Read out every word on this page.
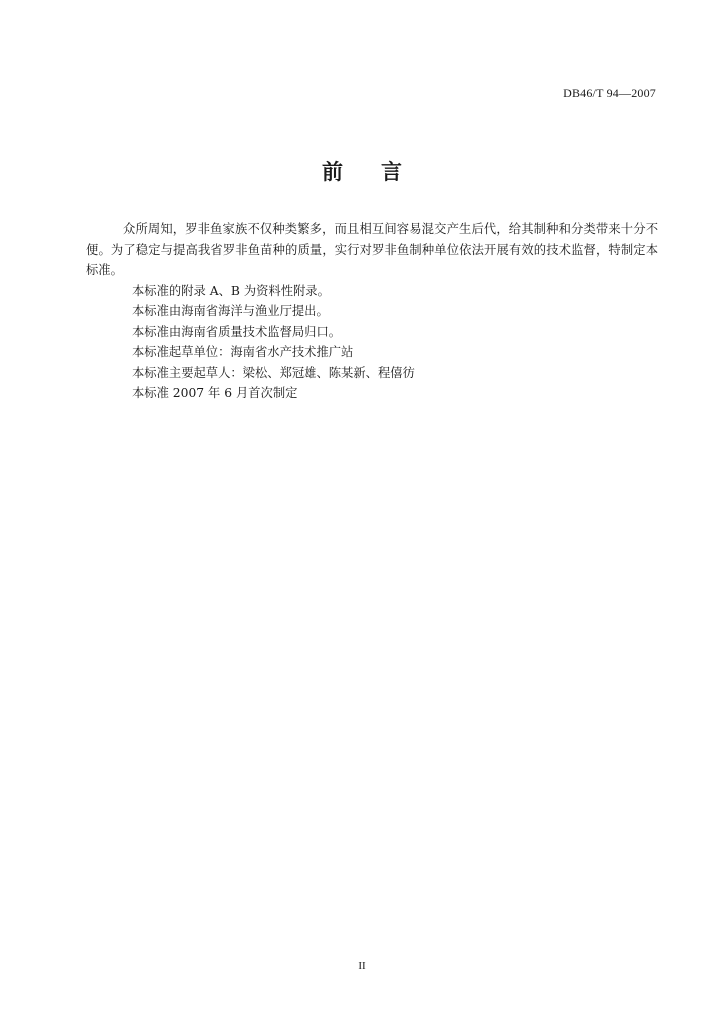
DB46/T 94—2007
前 言

众所周知，罗非鱼家族不仅种类繁多，而且相互间容易混交产生后代，给其制种和分类带来十分不便。为了稳定与提高我省罗非鱼苗种的质量，实行对罗非鱼制种单位依法开展有效的技术监督，特制定本标准。

本标准的附录 A、B 为资料性附录。

本标准由海南省海洋与渔业厅提出。

本标准由海南省质量技术监督局归口。

本标准起草单位：海南省水产技术推广站

本标准主要起草人：梁松、郑冠雄、陈某新、程僖彷

本标准 2007 年 6 月首次制定

II
